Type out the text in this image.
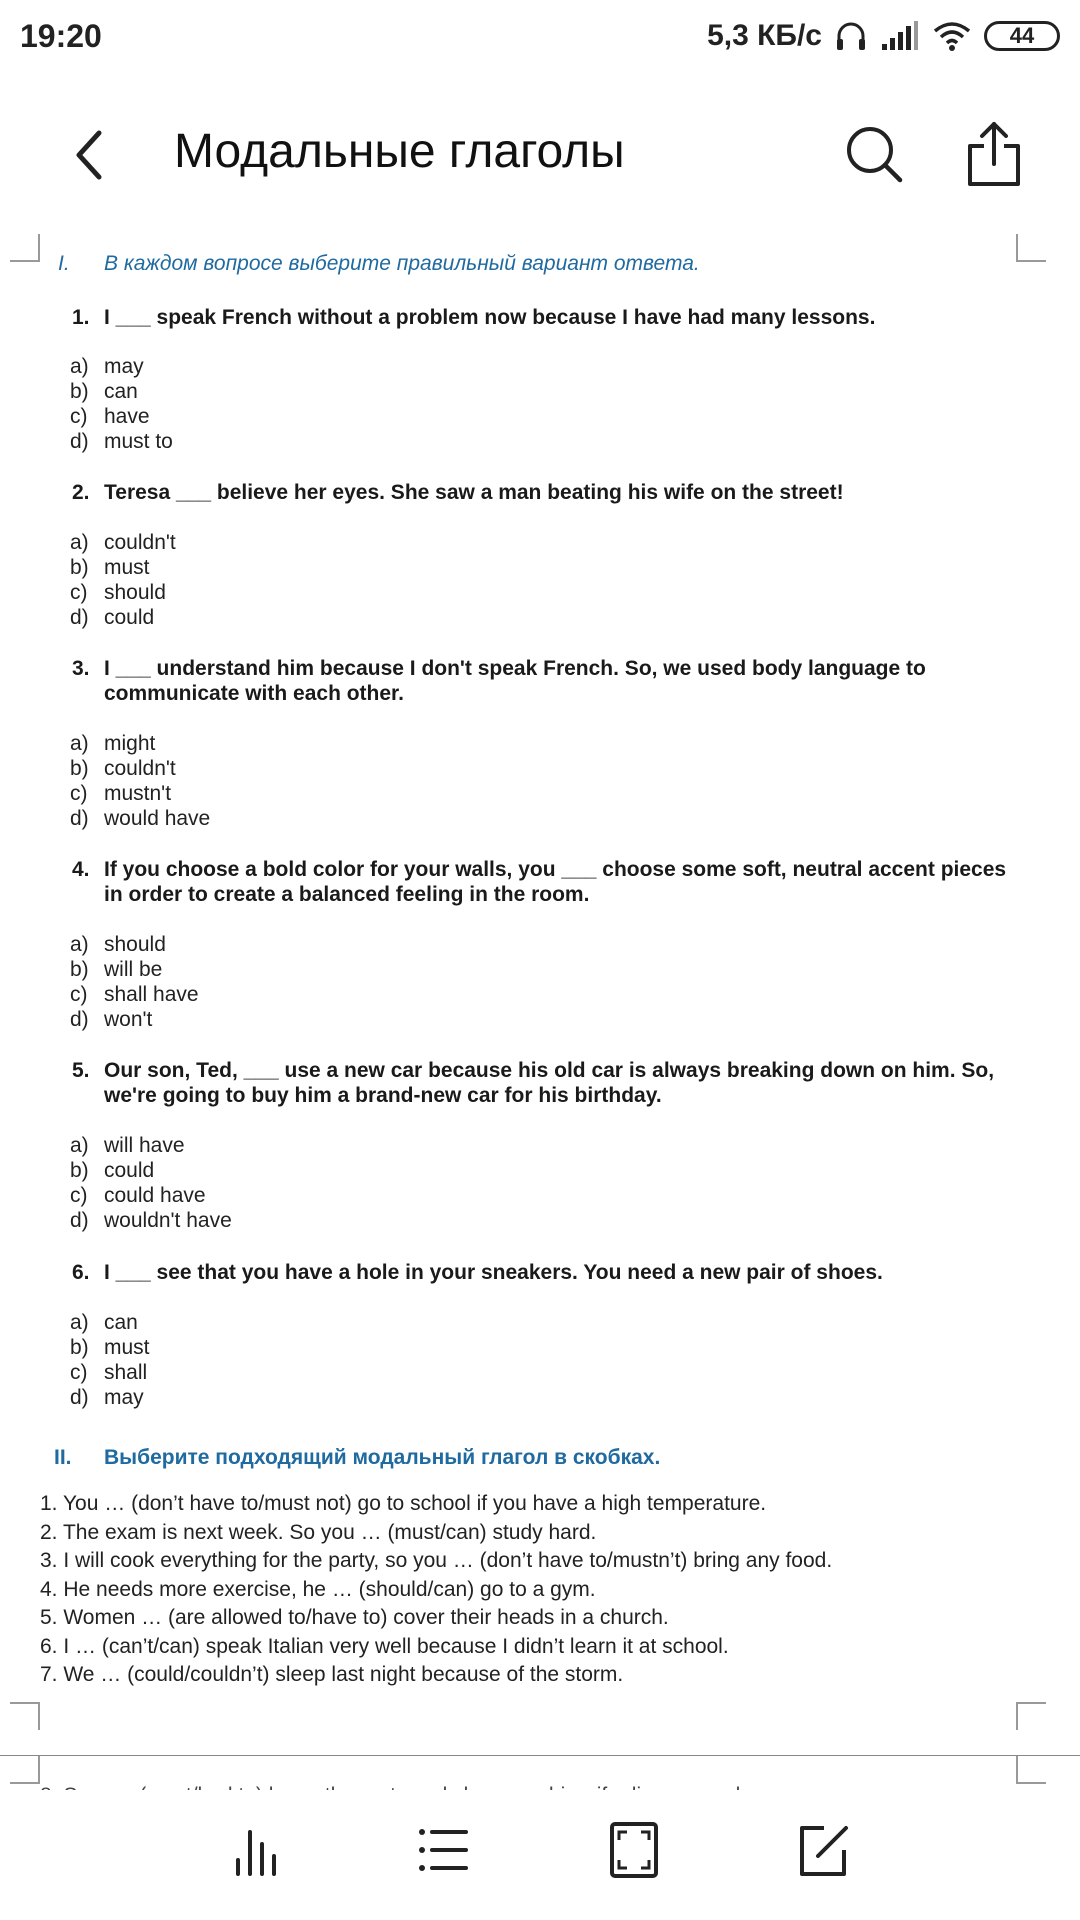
19:20	5,3 КБ/с	44
Модальные глаголы
I. В каждом вопросе выберите правильный вариант ответа.
1. I ___ speak French without a problem now because I have had many lessons.
a) may
b) can
c) have
d) must to
2. Teresa ___ believe her eyes. She saw a man beating his wife on the street!
a) couldn't
b) must
c) should
d) could
3. I ___ understand him because I don't speak French. So, we used body language to communicate with each other.
a) might
b) couldn't
c) mustn't
d) would have
4. If you choose a bold color for your walls, you ___ choose some soft, neutral accent pieces in order to create a balanced feeling in the room.
a) should
b) will be
c) shall have
d) won't
5. Our son, Ted, ___ use a new car because his old car is always breaking down on him. So, we're going to buy him a brand-new car for his birthday.
a) will have
b) could
c) could have
d) wouldn't have
6. I ___ see that you have a hole in your sneakers. You need a new pair of shoes.
a) can
b) must
c) shall
d) may
II. Выберите подходящий модальный глагол в скобках.
1. You … (don’t have to/must not) go to school if you have a high temperature.
2. The exam is next week. So you … (must/can) study hard.
3. I will cook everything for the party, so you … (don’t have to/mustn’t) bring any food.
4. He needs more exercise, he … (should/can) go to a gym.
5. Women … (are allowed to/have to) cover their heads in a church.
6. I … (can’t/can) speak Italian very well because I didn’t learn it at school.
7. We … (could/couldn’t) sleep last night because of the storm.
